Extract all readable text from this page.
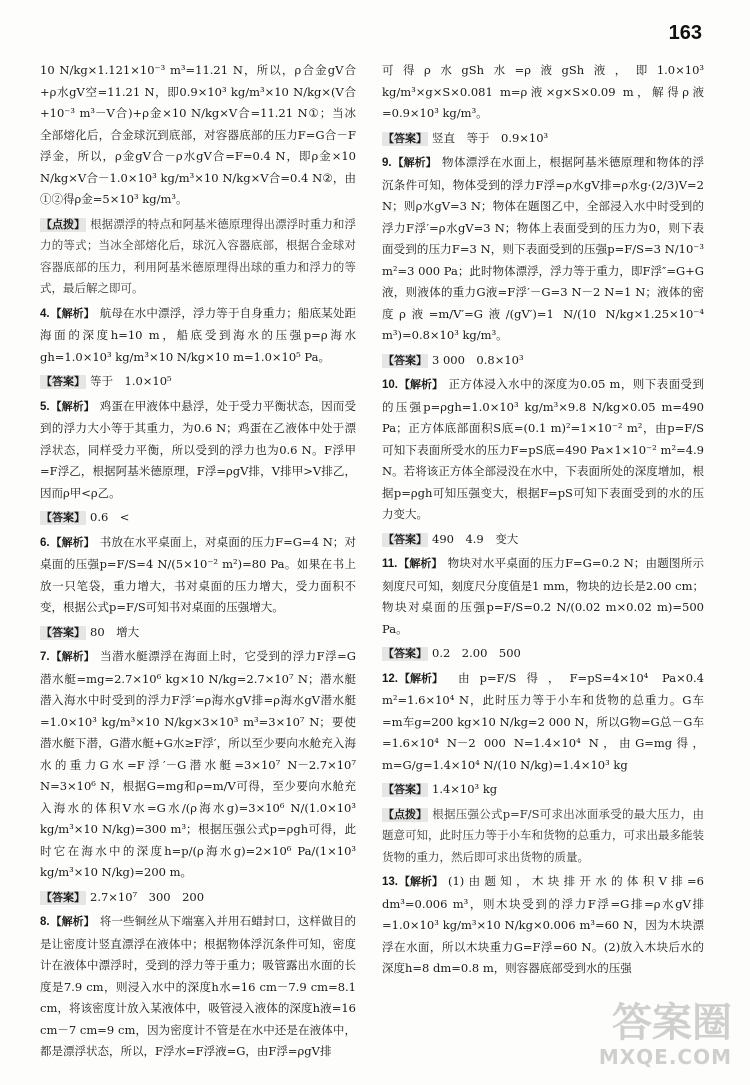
163

10 N/kg×1.121×10⁻³ m³=11.21 N，所以，ρ合金gV合+ρ水gV空=11.21 N，即0.9×10³ kg/m³×10 N/kg×(V合+10⁻³ m³－V合)+ρ金×10 N/kg×V合=11.21 N①；当冰全部熔化后，合金球沉到底部，对容器底部的压力F=G合－F浮金，所以，ρ金gV合－ρ水gV合=F=0.4 N，即ρ金×10 N/kg×V合－1.0×10³ kg/m³×10 N/kg×V合=0.4 N②，由①②得ρ金=5×10³ kg/m³。

【点拨】 根据漂浮的特点和阿基米德原理得出漂浮时重力和浮力的等式；当冰全部熔化后，球沉入容器底部，根据合金球对容器底部的压力，利用阿基米德原理得出球的重力和浮力的等式，最后解之即可。

4.【解析】 航母在水中漂浮，浮力等于自身重力；船底某处距海面的深度h=10 m，船底受到海水的压强p=ρ海水gh=1.0×10³ kg/m³×10 N/kg×10 m=1.0×10⁵ Pa。

【答案】 等于　1.0×10⁵

5.【解析】 鸡蛋在甲液体中悬浮，处于受力平衡状态，因而受到的浮力大小等于其重力，为0.6 N；鸡蛋在乙液体中处于漂浮状态，同样受力平衡，所以受到的浮力也为0.6 N。F浮甲=F浮乙，根据阿基米德原理，F浮=ρgV排，V排甲>V排乙，因而ρ甲<ρ乙。

【答案】 0.6　<

6.【解析】 书放在水平桌面上，对桌面的压力F=G=4 N；对桌面的压强p=F/S=4 N/(5×10⁻² m²)=80 Pa。如果在书上放一只笔袋，重力增大，书对桌面的压力增大，受力面积不变，根据公式p=F/S可知书对桌面的压强增大。

【答案】 80　增大

7.【解析】 当潜水艇漂浮在海面上时，它受到的浮力F浮=G潜水艇=mg=2.7×10⁶ kg×10 N/kg=2.7×10⁷ N；潜水艇潜入海水中时受到的浮力F浮′=ρ海水gV排=ρ海水gV潜水艇=1.0×10³ kg/m³×10 N/kg×3×10³ m³=3×10⁷ N；要使潜水艇下潜，G潜水艇+G水≥F浮′，所以至少要向水舱充入海水的重力G水=F浮′－G潜水艇=3×10⁷ N－2.7×10⁷ N=3×10⁶ N，根据G=mg和ρ=m/V可得，至少要向水舱充入海水的体积V水=G水/(ρ海水g)=3×10⁶ N/(1.0×10³ kg/m³×10 N/kg)=300 m³；根据压强公式p=ρgh可得，此时它在海水中的深度h=p/(ρ海水g)=2×10⁶ Pa/(1×10³ kg/m³×10 N/kg)=200 m。

【答案】 2.7×10⁷　300　200

8.【解析】 将一些铜丝从下端塞入并用石蜡封口，这样做目的是让密度计竖直漂浮在液体中；根据物体浮沉条件可知，密度计在液体中漂浮时，受到的浮力等于重力；吸管露出水面的长度是7.9 cm，则浸入水中的深度h水=16 cm－7.9 cm=8.1 cm，将该密度计放入某液体中，吸管浸入液体的深度h液=16 cm－7 cm=9 cm，因为密度计不管是在水中还是在液体中，都是漂浮状态，所以，F浮水=F浮液=G，由F浮=ρgV排

可得ρ水gSh水=ρ液gSh液，即1.0×10³ kg/m³×g×S×0.081 m=ρ液×g×S×0.09 m，解得ρ液=0.9×10³ kg/m³。

【答案】 竖直　等于　0.9×10³

9.【解析】 物体漂浮在水面上，根据阿基米德原理和物体的浮沉条件可知，物体受到的浮力F浮=ρ水gV排=ρ水g·(2/3)V=2 N；则ρ水gV=3 N；物体在题图乙中，全部浸入水中时受到的浮力F浮′=ρ水gV=3 N；物体上表面受到的压力为0，则下表面受到的压力F=3 N，则下表面受到的压强p=F/S=3 N/10⁻³ m²=3 000 Pa；此时物体漂浮，浮力等于重力，即F浮″=G+G液，则液体的重力G液=F浮′－G=3 N－2 N=1 N；液体的密度ρ液=m/V′=G液/(gV′)=1 N/(10 N/kg×1.25×10⁻⁴ m³)=0.8×10³ kg/m³。

【答案】 3 000　0.8×10³

10.【解析】 正方体浸入水中的深度为0.05 m，则下表面受到的压强p=ρgh=1.0×10³ kg/m³×9.8 N/kg×0.05 m=490 Pa；正方体底部面积S底=(0.1 m)²=1×10⁻² m²，由p=F/S可知下表面所受水的压力F=pS底=490 Pa×1×10⁻² m²=4.9 N。若将该正方体全部浸没在水中，下表面所处的深度增加，根据p=ρgh可知压强变大，根据F=pS可知下表面受到的水的压力变大。

【答案】 490　4.9　变大

11.【解析】 物块对水平桌面的压力F=G=0.2 N；由题图所示刻度尺可知，刻度尺分度值是1 mm，物块的边长是2.00 cm；物块对桌面的压强p=F/S=0.2 N/(0.02 m×0.02 m)=500 Pa。

【答案】 0.2　2.00　500

12.【解析】 由p=F/S得，F=pS=4×10⁴ Pa×0.4 m²=1.6×10⁴ N，此时压力等于小车和货物的总重力。G车=m车g=200 kg×10 N/kg=2 000 N，所以G物=G总－G车=1.6×10⁴ N－2 000 N=1.4×10⁴ N，由G=mg得，m=G/g=1.4×10⁴ N/(10 N/kg)=1.4×10³ kg

【答案】 1.4×10³ kg

【点拨】 根据压强公式p=F/S可求出冰面承受的最大压力，由题意可知，此时压力等于小车和货物的总重力，可求出最多能装货物的重力，然后即可求出货物的质量。

13.【解析】 (1)由题知，木块排开水的体积V排=6 dm³=0.006 m³，则木块受到的浮力F浮=G排=ρ水gV排=1.0×10³ kg/m³×10 N/kg×0.006 m³=60 N，因为木块漂浮在水面，所以木块重力G=F浮=60 N。(2)放入木块后水的深度h=8 dm=0.8 m，则容器底部受到水的压强

答案圈
MXQE.COM
